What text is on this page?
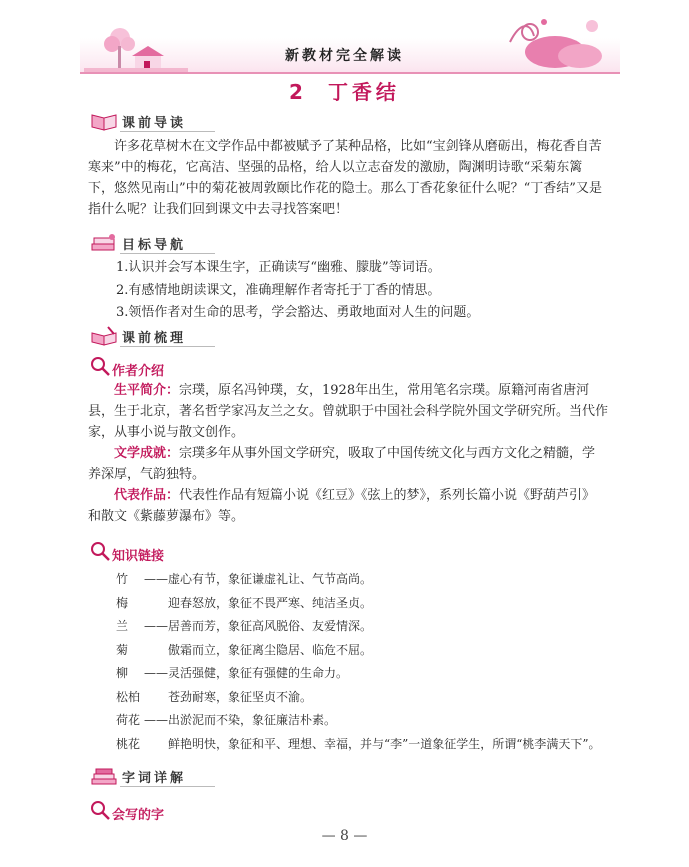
新教材完全解读
2 丁香结
课前导读

许多花草树木在文学作品中都被赋予了某种品格，比如“宝剑锋从磨砺出，梅花香自苦寒来”中的梅花，它高洁、坚强的品格，给人以立志奋发的激励，陶渊明诗歌“采菊东篱下，悠然见南山”中的菊花被周敦颐比作花的隐士。那么丁香花象征什么呢？“丁香结”又是指什么呢？让我们回到课文中去寻找答案吧！

目标导航
1.认识并会写本课生字，正确读写“幽雅、朦胧”等词语。
2.有感情地朗读课文，准确理解作者寄托于丁香的情思。
3.领悟作者对生命的思考，学会豁达、勇敢地面对人生的问题。
课前梳理
作者介绍

生平简介：宗璞，原名冯钟璞，女，1928年出生，常用笔名宗璞。原籍河南省唐河县，生于北京，著名哲学家冯友兰之女。曾就职于中国社会科学院外国文学研究所。当代作家，从事小说与散文创作。

文学成就：宗璞多年从事外国文学研究，吸取了中国传统文化与西方文化之精髓，学养深厚，气韵独特。

代表作品：代表性作品有短篇小说《红豆》《弦上的梦》，系列长篇小说《野葫芦引》和散文《紫藤萝瀑布》等。

知识链接
竹 ——虚心有节，象征谦虚礼让、气节高尚。
梅　　	迎春怒放，象征不畏严寒、纯洁圣贞。
兰 ——居善而芳，象征高风脱俗、友爱情深。
菊　　	傲霜而立，象征离尘隐居、临危不屈。
柳 ——灵活强健，象征有强健的生命力。
松柏　　 苍劲耐寒，象征坚贞不渝。
荷花 ——出淤泥而不染，象征廉洁朴素。
桃花　　 鲜艳明快，象征和平、理想、幸福，并与“李”一道象征学生，所谓“桃李满天下”。
字词详解
会写的字
— 8 —
